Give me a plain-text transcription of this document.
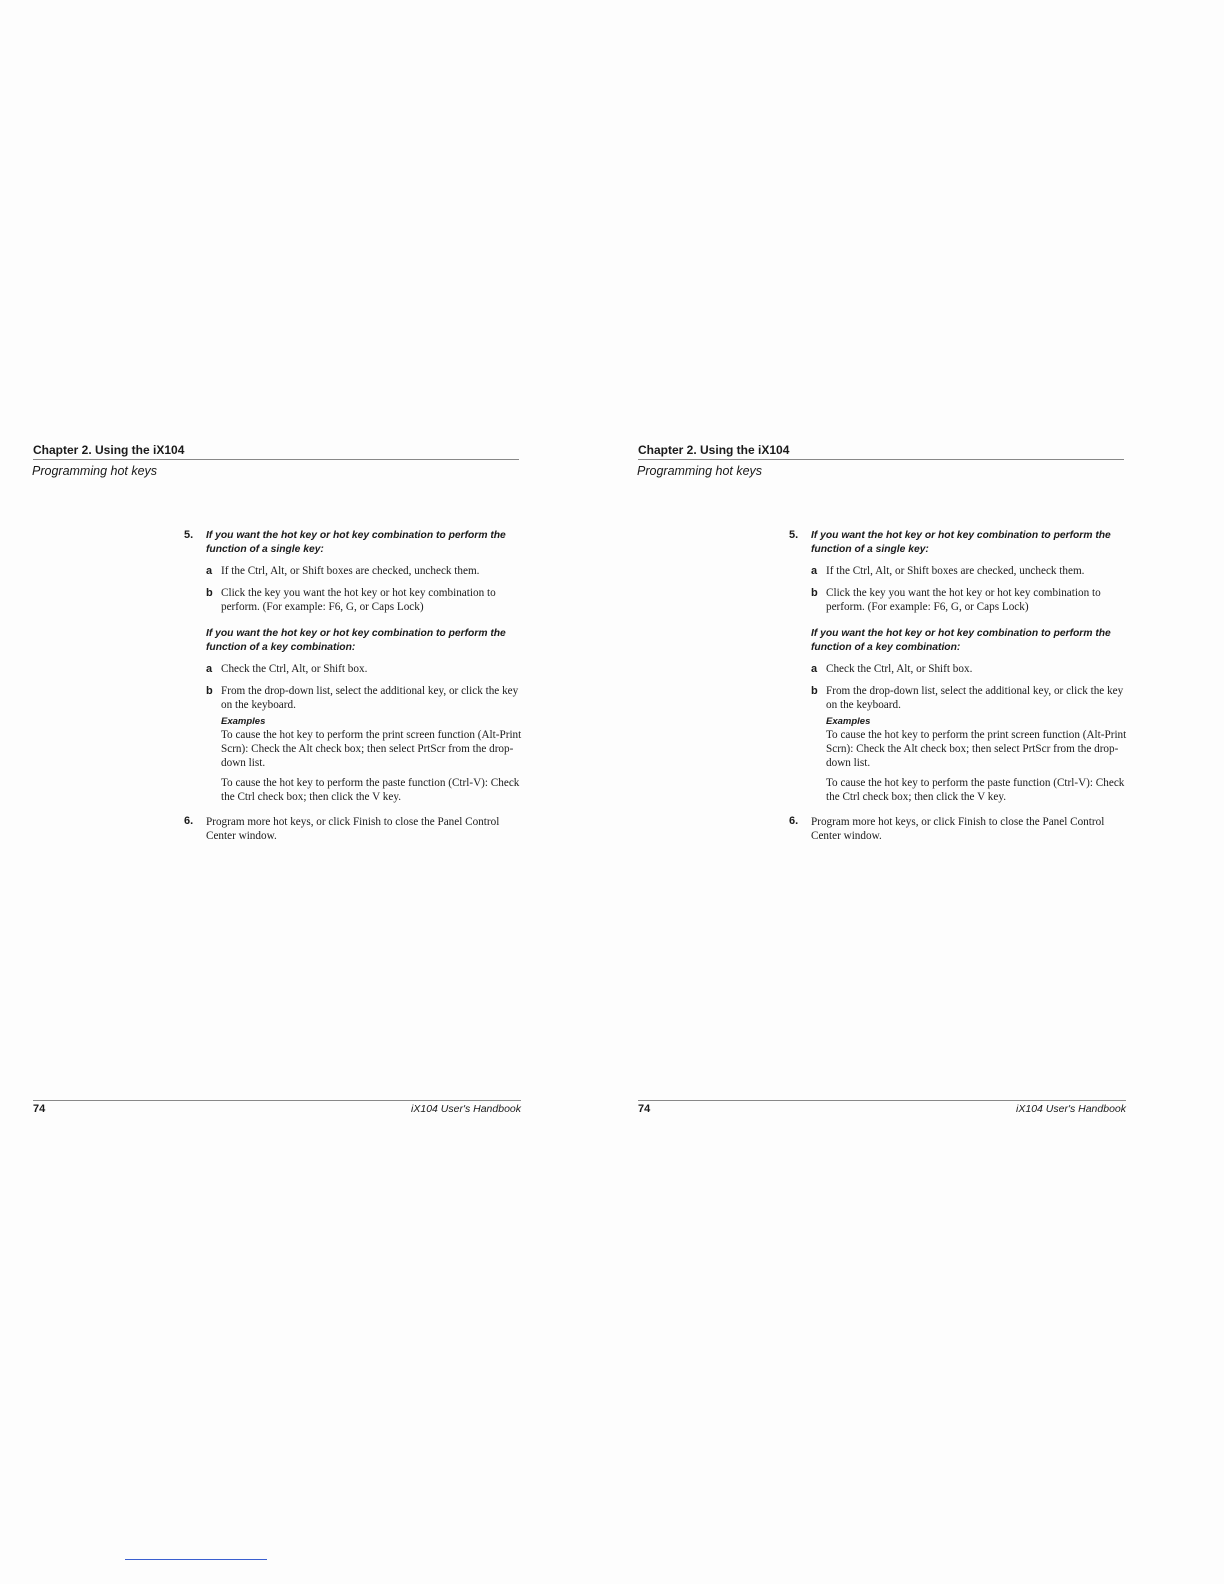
Chapter 2. Using the iX104
Programming hot keys
5. If you want the hot key or hot key combination to perform the function of a single key:

a If the Ctrl, Alt, or Shift boxes are checked, uncheck them.
b Click the key you want the hot key or hot key combination to perform. (For example: F6, G, or Caps Lock)

If you want the hot key or hot key combination to perform the function of a key combination:

a Check the Ctrl, Alt, or Shift box.
b From the drop-down list, select the additional key, or click the key on the keyboard.
Examples
To cause the hot key to perform the print screen function (Alt-Print Scrn): Check the Alt check box; then select PrtScr from the drop-down list.
To cause the hot key to perform the paste function (Ctrl-V): Check the Ctrl check box; then click the V key.
6. Program more hot keys, or click Finish to close the Panel Control Center window.
74	iX104 User's Handbook
Chapter 2. Using the iX104
Programming hot keys
5. If you want the hot key or hot key combination to perform the function of a single key:

a If the Ctrl, Alt, or Shift boxes are checked, uncheck them.
b Click the key you want the hot key or hot key combination to perform. (For example: F6, G, or Caps Lock)

If you want the hot key or hot key combination to perform the function of a key combination:

a Check the Ctrl, Alt, or Shift box.
b From the drop-down list, select the additional key, or click the key on the keyboard.
Examples
To cause the hot key to perform the print screen function (Alt-Print Scrn): Check the Alt check box; then select PrtScr from the drop-down list.
To cause the hot key to perform the paste function (Ctrl-V): Check the Ctrl check box; then click the V key.
6. Program more hot keys, or click Finish to close the Panel Control Center window.
74	iX104 User's Handbook
